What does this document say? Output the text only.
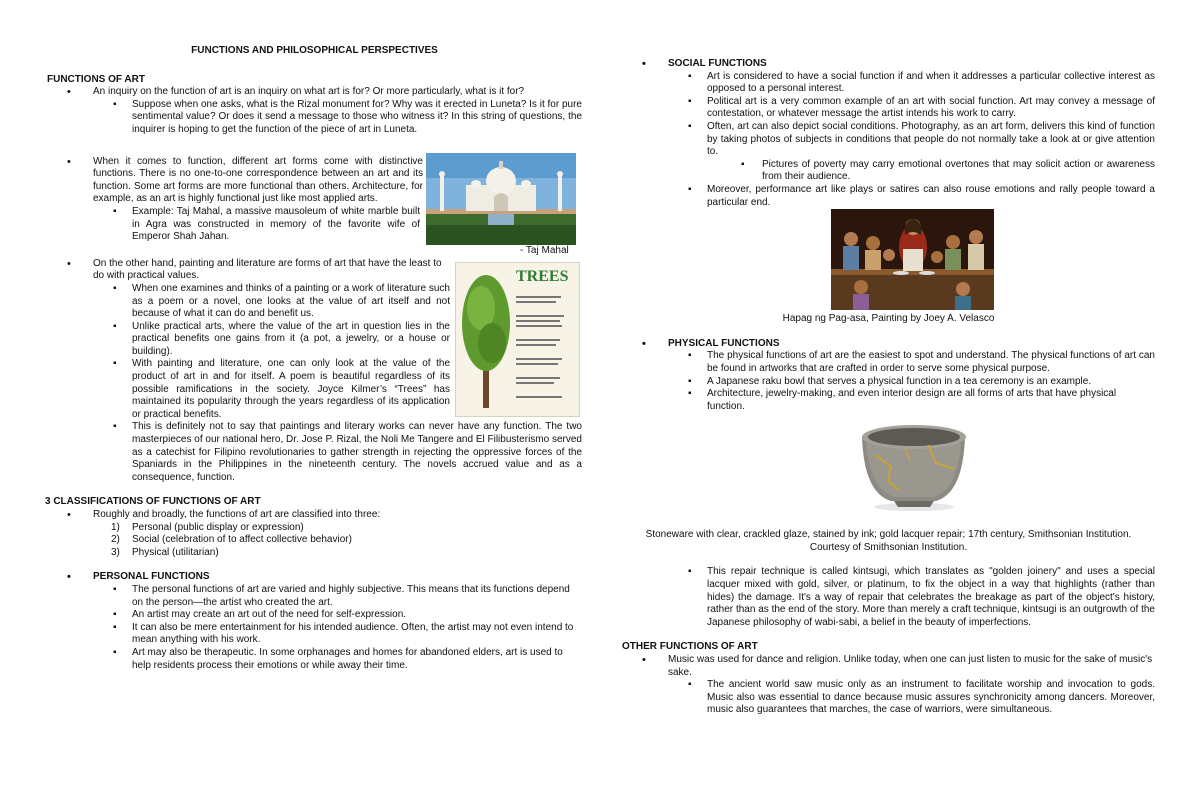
FUNCTIONS AND PHILOSOPHICAL PERSPECTIVES
FUNCTIONS OF ART
• An inquiry on the function of art is an inquiry on what art is for? Or more particularly, what is it for?
▪ Suppose when one asks, what is the Rizal monument for? Why was it erected in Luneta? Is it for pure sentimental value? Or does it send a message to those who witness it? In this string of questions, the inquirer is hoping to get the function of the piece of art in Luneta.
• When it comes to function, different art forms come with distinctive functions. There is no one-to-one correspondence between an art and its function. Some art forms are more functional than others. Architecture, for example, as an art is highly functional just like most applied arts.
▪ Example: Taj Mahal, a massive mausoleum of white marble built in Agra was constructed in memory of the favorite wife of Emperor Shah Jahan.
• On the other hand, painting and literature are forms of art that have the least to do with practical values.
▪ When one examines and thinks of a painting or a work of literature such as a poem or a novel, one looks at the value of art itself and not because of what it can do and benefit us.
▪ Unlike practical arts, where the value of the art in question lies in the practical benefits one gains from it (a pot, a jewelry, or a house or building).
▪ With painting and literature, one can only look at the value of the product of art in and for itself. A poem is beautiful regardless of its possible ramifications in the society. Joyce Kilmer’s “Trees” has maintained its popularity through the years regardless of its application or practical benefits.
▪ This is definitely not to say that paintings and literary works can never have any function. The two masterpieces of our national hero, Dr. Jose P. Rizal, the Noli Me Tangere and El Filibusterismo served as a catechist for Filipino revolutionaries to gather strength in rejecting the oppressive forces of the Spaniards in the Philippines in the nineteenth century. The novels accrued value and as a consequence, function.
3 CLASSIFICATIONS OF FUNCTIONS OF ART
• Roughly and broadly, the functions of art are classified into three:
1) Personal (public display or expression)
2) Social (celebration of to affect collective behavior)
3) Physical (utilitarian)
• PERSONAL FUNCTIONS
▪ The personal functions of art are varied and highly subjective. This means that its functions depend on the person—the artist who created the art.
▪ An artist may create an art out of the need for self-expression.
▪ It can also be mere entertainment for his intended audience. Often, the artist may not even intend to mean anything with his work.
▪ Art may also be therapeutic. In some orphanages and homes for abandoned elders, art is used to help residents process their emotions or while away their time.
- Taj Mahal
TREES
• SOCIAL FUNCTIONS
▪ Art is considered to have a social function if and when it addresses a particular collective interest as opposed to a personal interest.
▪ Political art is a very common example of an art with social function. Art may convey a message of contestation, or whatever message the artist intends his work to carry.
▪ Often, art can also depict social conditions. Photography, as an art form, delivers this kind of function by taking photos of subjects in conditions that people do not normally take a look at or give attention to.
▪ Pictures of poverty may carry emotional overtones that may solicit action or awareness from their audience.
▪ Moreover, performance art like plays or satires can also rouse emotions and rally people toward a particular end.
Hapag ng Pag-asa, Painting by Joey A. Velasco
• PHYSICAL FUNCTIONS
▪ The physical functions of art are the easiest to spot and understand. The physical functions of art can be found in artworks that are crafted in order to serve some physical purpose.
▪ A Japanese raku bowl that serves a physical function in a tea ceremony is an example.
▪ Architecture, jewelry-making, and even interior design are all forms of arts that have physical function.
Stoneware with clear, crackled glaze, stained by ink; gold lacquer repair; 17th century, Smithsonian Institution.
Courtesy of Smithsonian Institution.
▪ This repair technique is called kintsugi, which translates as "golden joinery" and uses a special lacquer mixed with gold, silver, or platinum, to fix the object in a way that highlights (rather than hides) the damage. It's a way of repair that celebrates the breakage as part of the object's history, rather than as the end of the story. More than merely a craft technique, kintsugi is an outgrowth of the Japanese philosophy of wabi-sabi, a belief in the beauty of imperfections.
OTHER FUNCTIONS OF ART
• Music was used for dance and religion. Unlike today, when one can just listen to music for the sake of music's sake.
▪ The ancient world saw music only as an instrument to facilitate worship and invocation to gods. Music also was essential to dance because music assures synchronicity among dancers. Moreover, music also guarantees that marches, the case of warriors, were simultaneous.
